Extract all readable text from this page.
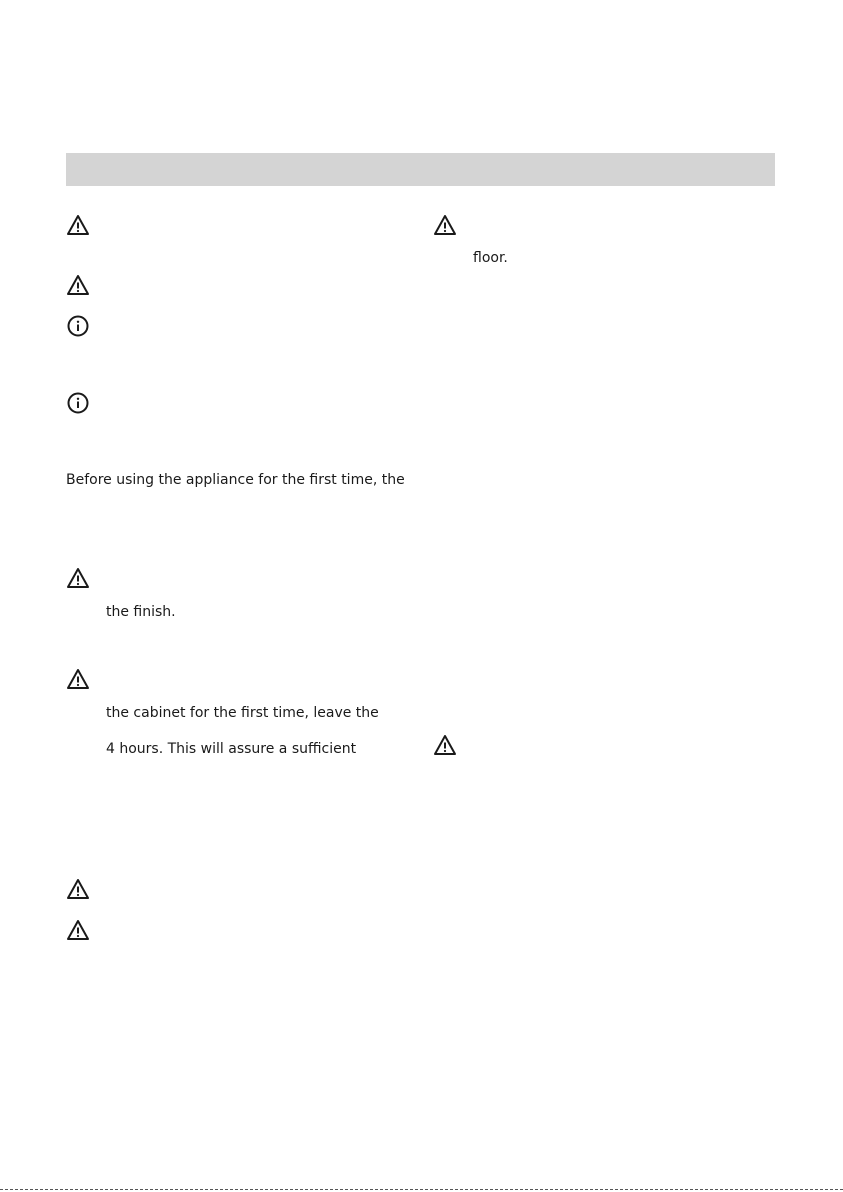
Before using the appliance for the first time, the
the finish.
the cabinet for the first time, leave the
4 hours. This will assure a sufficient
floor.
